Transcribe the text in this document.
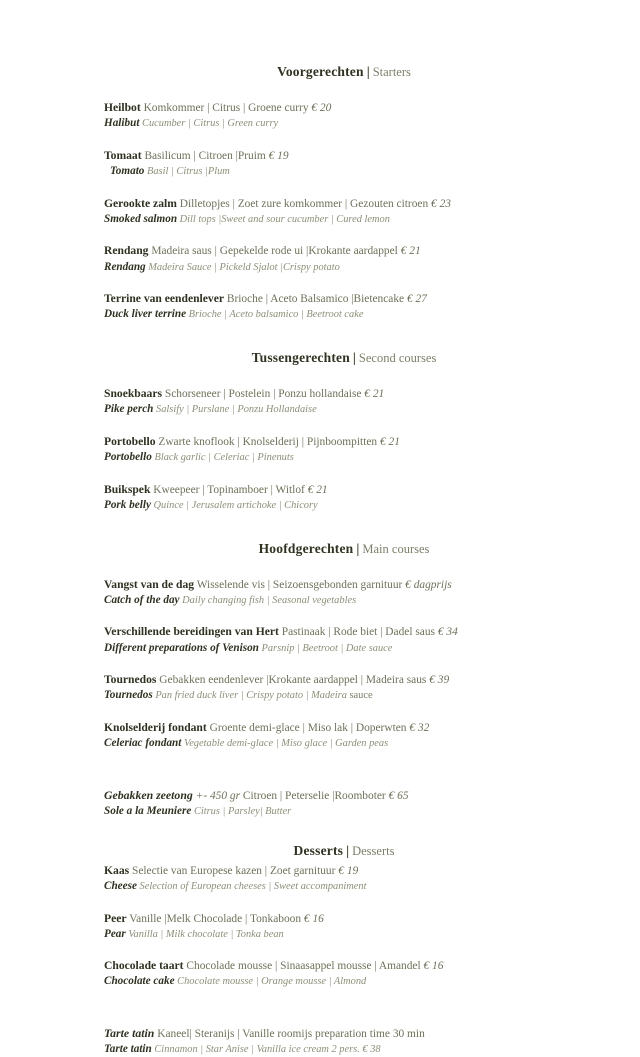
Voorgerechten | Starters
Heilbot Komkommer | Citrus | Groene curry € 20
Halibut Cucumber | Citrus | Green curry
Tomaat Basilicum | Citroen |Pruim € 19
Tomato Basil | Citrus |Plum
Gerookte zalm Dilletopjes | Zoet zure komkommer | Gezouten citroen € 23
Smoked salmon Dill tops |Sweet and sour cucumber | Cured lemon
Rendang Madeira saus | Gepekelde rode ui |Krokante aardappel € 21
Rendang Madeira Sauce | Pickeld Sjalot |Crispy potato
Terrine van eendenlever Brioche | Aceto Balsamico |Bietencake € 27
Duck liver terrine Brioche | Aceto balsamico | Beetroot cake
Tussengerechten | Second courses
Snoekbaars Schorseneer | Postelein | Ponzu hollandaise € 21
Pike perch Salsify | Purslane | Ponzu Hollandaise
Portobello Zwarte knoflook | Knolselderij | Pijnboompitten € 21
Portobello Black garlic | Celeriac | Pinenuts
Buikspek Kweepeer | Topinamboer | Witlof € 21
Pork belly Quince | Jerusalem artichoke | Chicory
Hoofdgerechten | Main courses
Vangst van de dag Wisselende vis | Seizoensgebonden garnituur € dagprijs
Catch of the day Daily changing fish | Seasonal vegetables
Verschillende bereidingen van Hert Pastinaak | Rode biet | Dadel saus € 34
Different preparations of Venison Parsnip | Beetroot | Date sauce
Tournedos Gebakken eendenlever |Krokante aardappel | Madeira saus € 39
Tournedos Pan fried duck liver | Crispy potato | Madeira sauce
Knolselderij fondant Groente demi-glace | Miso lak | Doperwten € 32
Celeriac fondant Vegetable demi-glace | Miso glace | Garden peas
Gebakken zeetong +- 450 gr Citroen | Peterselie |Roomboter € 65
Sole a la Meuniere Citrus | Parsley| Butter
Desserts | Desserts
Kaas Selectie van Europese kazen | Zoet garnituur € 19
Cheese Selection of European cheeses | Sweet accompaniment
Peer Vanille |Melk Chocolade | Tonkaboon € 16
Pear Vanilla | Milk chocolate | Tonka bean
Chocolade taart Chocolade mousse | Sinaasappel mousse | Amandel € 16
Chocolate cake Chocolate mousse | Orange mousse | Almond
Tarte tatin Kaneel| Steranijs | Vanille roomijs preparation time 30 min
Tarte tatin Cinnamon | Star Anise | Vanilla ice cream 2 pers. € 38
